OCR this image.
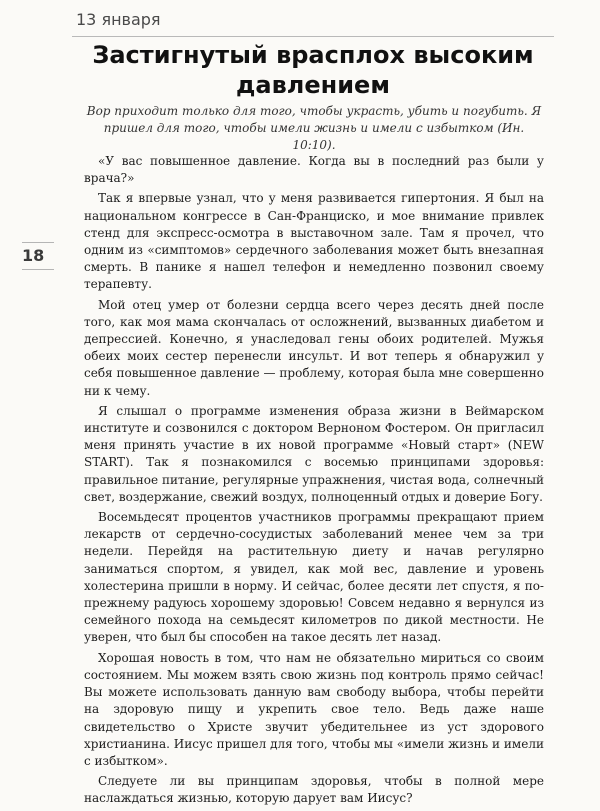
13 января
Застигнутый врасплох высоким давлением
Вор приходит только для того, чтобы украсть, убить и погубить. Я пришел для того, чтобы имели жизнь и имели с избытком (Ин. 10:10).
18

«У вас повышенное давление. Когда вы в последний раз были у врача?»

Так я впервые узнал, что у меня развивается гипертония. Я был на национальном конгрессе в Сан-Франциско, и мое внимание привлек стенд для экспресс-осмотра в выставочном зале. Там я прочел, что одним из «симптомов» сердечного заболевания может быть внезапная смерть. В панике я нашел телефон и немедленно позвонил своему терапевту.

Мой отец умер от болезни сердца всего через десять дней после того, как моя мама скончалась от осложнений, вызванных диабетом и депрессией. Конечно, я унаследовал гены обоих родителей. Мужья обеих моих сестер перенесли инсульт. И вот теперь я обнаружил у себя повышенное давление — проблему, которая была мне совершенно ни к чему.

Я слышал о программе изменения образа жизни в Веймарском институте и созвонился с доктором Верноном Фостером. Он пригласил меня принять участие в их новой программе «Новый старт» (NEW START). Так я познакомился с восемью принципами здоровья: правильное питание, регулярные упражнения, чистая вода, солнечный свет, воздержание, свежий воздух, полноценный отдых и доверие Богу.

Восемьдесят процентов участников программы прекращают прием лекарств от сердечно-сосудистых заболеваний менее чем за три недели. Перейдя на растительную диету и начав регулярно заниматься спортом, я увидел, как мой вес, давление и уровень холестерина пришли в норму. И сейчас, более десяти лет спустя, я по-прежнему радуюсь хорошему здоровью! Совсем недавно я вернулся из семейного похода на семьдесят километров по дикой местности. Не уверен, что был бы способен на такое десять лет назад.

Хорошая новость в том, что нам не обязательно мириться со своим состоянием. Мы можем взять свою жизнь под контроль прямо сейчас! Вы можете использовать данную вам свободу выбора, чтобы перейти на здоровую пищу и укрепить свое тело. Ведь даже наше свидетельство о Христе звучит убедительнее из уст здорового христианина. Иисус пришел для того, чтобы мы «имели жизнь и имели с избытком».

Следуете ли вы принципам здоровья, чтобы в полной мере наслаждаться жизнью, которую дарует вам Иисус?
